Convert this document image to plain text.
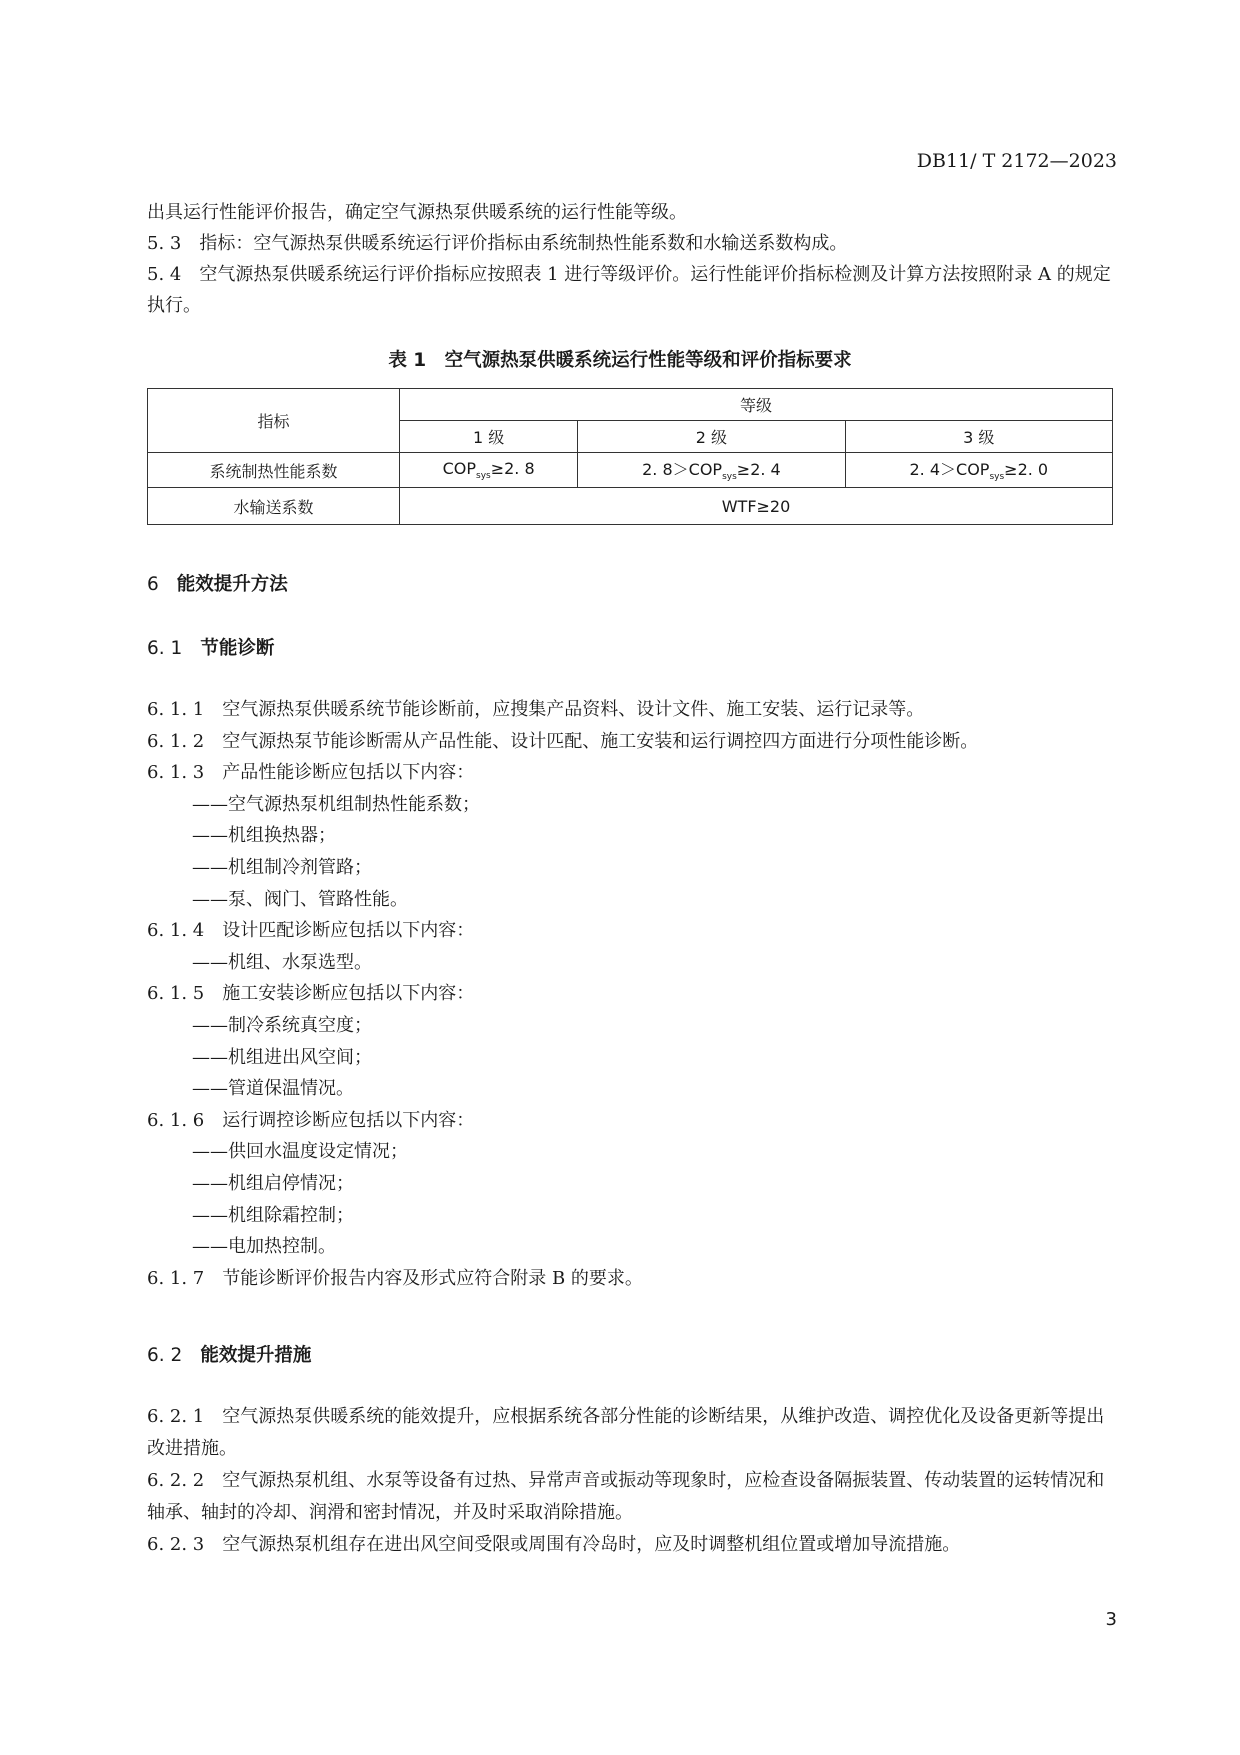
DB11/ T 2172—2023
出具运行性能评价报告，确定空气源热泵供暖系统的运行性能等级。
5. 3 指标：空气源热泵供暖系统运行评价指标由系统制热性能系数和水输送系数构成。
5. 4 空气源热泵供暖系统运行评价指标应按照表 1 进行等级评价。运行性能评价指标检测及计算方法按照附录 A 的规定执行。
表 1　空气源热泵供暖系统运行性能等级和评价指标要求
指标	等级		
	1 级	2 级	3 级
系统制热性能系数	$COP_{sys}\ge 2$. 8	2. $8>COP_{sys}\ge 2$. 4	2. $4>COP_{sys}\ge 2$. 0
水输送系数	WTF≥20		
6 能效提升方法
6. 1 节能诊断
6. 1. 1 空气源热泵供暖系统节能诊断前，应搜集产品资料、设计文件、施工安装、运行记录等。
6. 1. 2 空气源热泵节能诊断需从产品性能、设计匹配、施工安装和运行调控四方面进行分项性能诊断。
6. 1. 3 产品性能诊断应包括以下内容：
——空气源热泵机组制热性能系数；
——机组换热器；
——机组制冷剂管路；
——泵、阀门、管路性能。
6. 1. 4 设计匹配诊断应包括以下内容：
——机组、水泵选型。
6. 1. 5 施工安装诊断应包括以下内容：
——制冷系统真空度；
——机组进出风空间；
——管道保温情况。
6. 1. 6 运行调控诊断应包括以下内容：
——供回水温度设定情况；
——机组启停情况；
——机组除霜控制；
——电加热控制。
6. 1. 7 节能诊断评价报告内容及形式应符合附录 B 的要求。
6. 2 能效提升措施
6. 2. 1 空气源热泵供暖系统的能效提升，应根据系统各部分性能的诊断结果，从维护改造、调控优化及设备更新等提出改进措施。
6. 2. 2 空气源热泵机组、水泵等设备有过热、异常声音或振动等现象时，应检查设备隔振装置、传动装置的运转情况和轴承、轴封的冷却、润滑和密封情况，并及时采取消除措施。
6. 2. 3 空气源热泵机组存在进出风空间受限或周围有冷岛时，应及时调整机组位置或增加导流措施。
3
